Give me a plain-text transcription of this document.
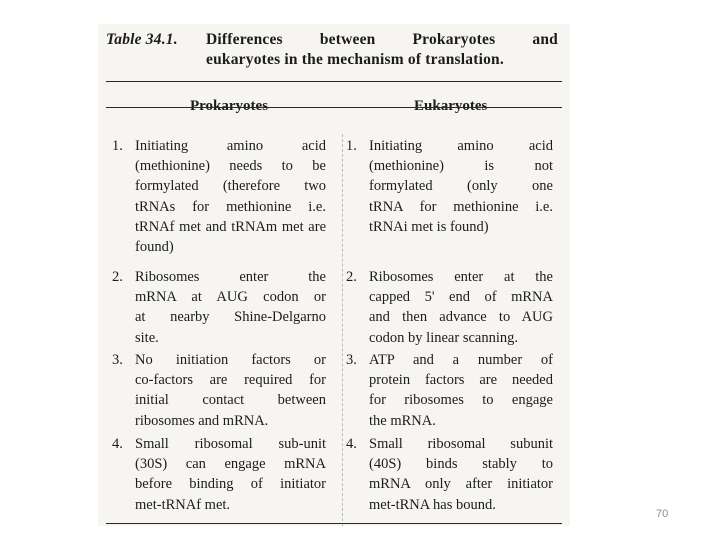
Table 34.1. Differences between Prokaryotes and
eukaryotes in the mechanism of translation.
Prokaryotes	Eukaryotes
1. Initiating amino acid
(methionine) needs to be
formylated (therefore two
tRNAs for methionine i.e.
tRNAf met and tRNAm met are
found)
1. Initiating amino acid
(methionine) is not
formylated (only one
tRNA for methionine i.e.
tRNAi met is found)
2. Ribosomes enter the
mRNA at AUG codon or
at nearby Shine-Delgarno
site.
2. Ribosomes enter at the
capped 5' end of mRNA
and then advance to AUG
codon by linear scanning.
3. No initiation factors or
co-factors are required for
initial contact between
ribosomes and mRNA.
3. ATP and a number of
protein factors are needed
for ribosomes to engage
the mRNA.
4. Small ribosomal sub-unit
(30S) can engage mRNA
before binding of initiator
met-tRNAf met.
4. Small ribosomal subunit
(40S) binds stably to
mRNA only after initiator
met-tRNA has bound.
70
